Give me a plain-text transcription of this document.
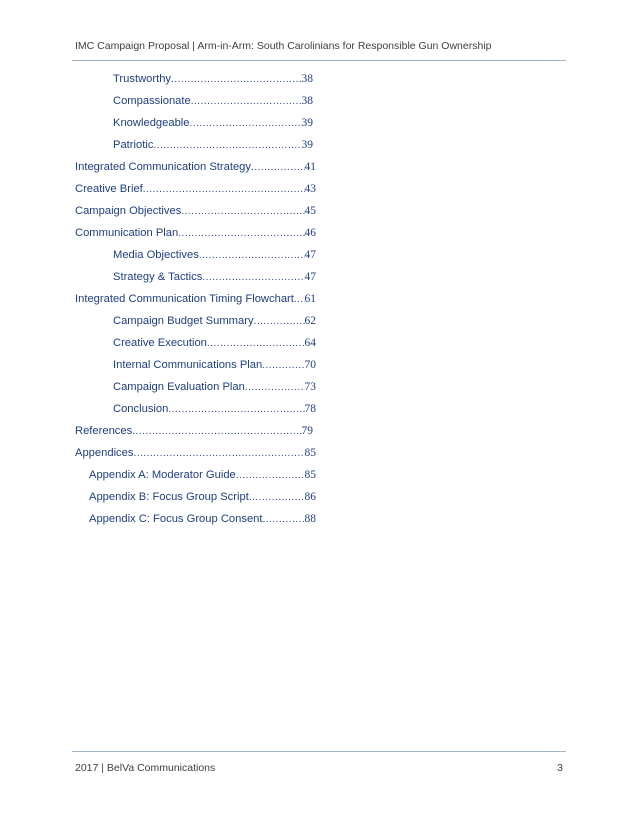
IMC Campaign Proposal | Arm-in-Arm: South Carolinians for Responsible Gun Ownership
Trustworthy .....	38
Compassionate .....	38
Knowledgeable .....	39
Patriotic .....	39
Integrated Communication Strategy .....	41
Creative Brief .....	43
Campaign Objectives .....	45
Communication Plan .....	46
Media Objectives .....	47
Strategy & Tactics .....	47
Integrated Communication Timing Flowchart ..... 61
Campaign Budget Summary .....	62
Creative Execution .....	64
Internal Communications Plan .....	70
Campaign Evaluation Plan .....	73
Conclusion .....	78
References .....	79
Appendices .....	85
Appendix A: Moderator Guide .....	85
Appendix B: Focus Group Script .....	86
Appendix C: Focus Group Consent .....	88
2017 | BelVa Communications	3
